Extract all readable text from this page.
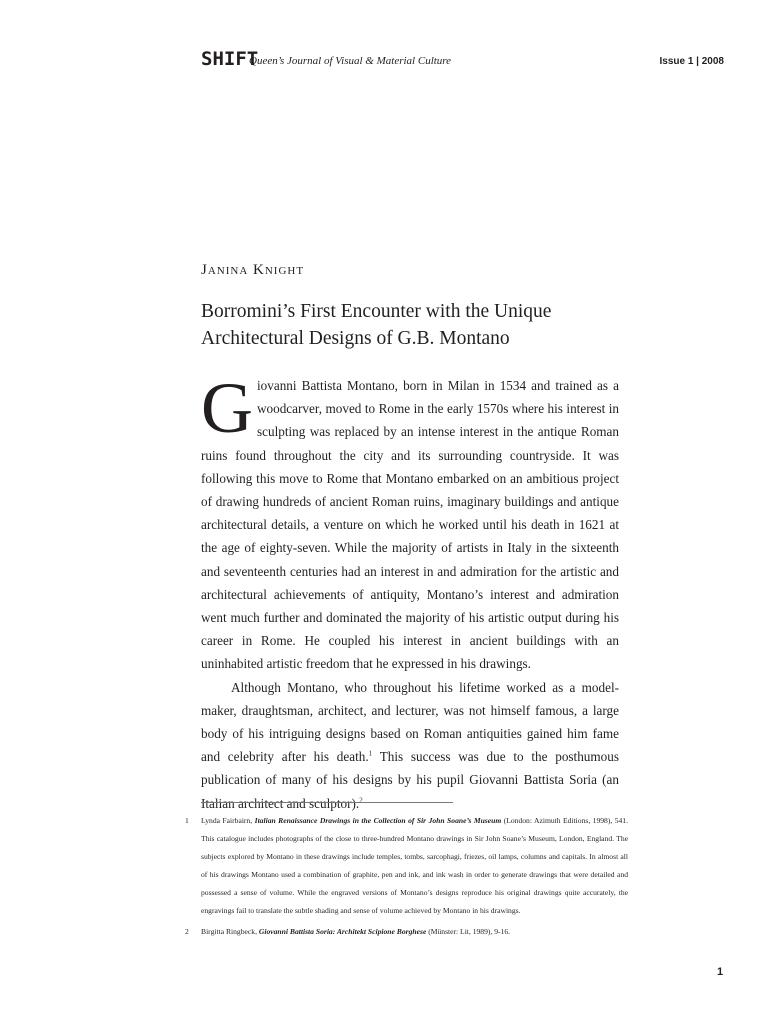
SHIFT
Queen’s Journal of Visual & Material Culture	Issue 1 | 2008
Janina Knight
Borromini’s First Encounter with the Unique Architectural Designs of G.B. Montano

Giovanni Battista Montano, born in Milan in 1534 and trained as a woodcarver, moved to Rome in the early 1570s where his interest in sculpting was replaced by an intense interest in the antique Roman ruins found throughout the city and its surrounding countryside. It was following this move to Rome that Montano embarked on an ambitious project of drawing hundreds of ancient Roman ruins, imaginary buildings and antique architectural details, a venture on which he worked until his death in 1621 at the age of eighty-seven. While the majority of artists in Italy in the sixteenth and seventeenth centuries had an interest in and admiration for the artistic and architectural achievements of antiquity, Montano’s interest and admiration went much further and dominated the majority of his artistic output during his career in Rome. He coupled his interest in ancient buildings with an uninhabited artistic freedom that he expressed in his drawings.

Although Montano, who throughout his lifetime worked as a model-maker, draughtsman, architect, and lecturer, was not himself famous, a large body of his intriguing designs based on Roman antiquities gained him fame and celebrity after his death.$^1$ This success was due to the posthumous publication of many of his designs by his pupil Giovanni Battista Soria (an Italian architect and sculptor).$^2$

1 Lynda Fairbairn, Italian Renaissance Drawings in the Collection of Sir John Soane’s Museum (London: Azimuth Editions, 1998), 541. This catalogue includes photographs of the close to three-hundred Montano drawings in Sir John Soane’s Museum, London, England. The subjects explored by Montano in these drawings include temples, tombs, sarcophagi, friezes, oil lamps, columns and capitals. In almost all of his drawings Montano used a combination of graphite, pen and ink, and ink wash in order to generate drawings that were detailed and possessed a sense of volume. While the engraved versions of Montano’s designs reproduce his original drawings quite accurately, the engravings fail to translate the subtle shading and sense of volume achieved by Montano in his drawings.
2 Birgitta Ringbeck, Giovanni Battista Soria: Architekt Scipione Borghese (Münster: Lit, 1989), 9-16.
1
